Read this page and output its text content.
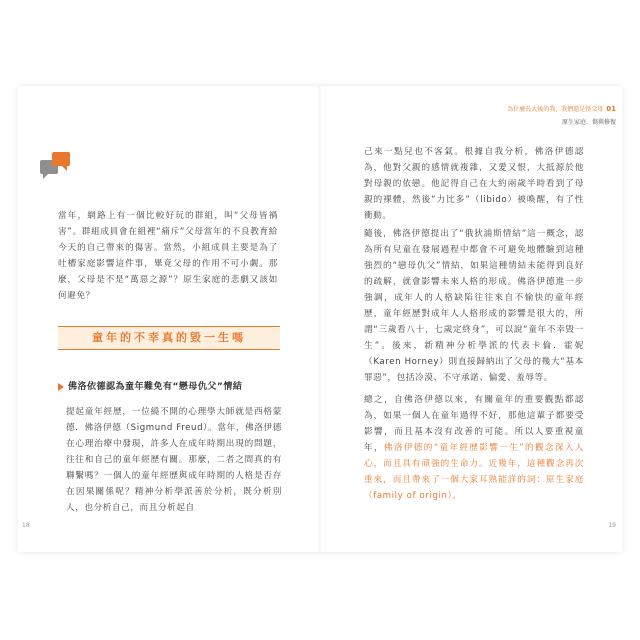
當年，網路上有一個比較好玩的群組，叫“父母皆禍害”。群組成員會在組裡“痛斥”父母當年的不良教育給今天的自己帶來的傷害。當然，小組成員主要是為了吐槽家庭影響這件事，畢竟父母的作用不可小觑。那麼，父母是不是“萬惡之源”？原生家庭的悲劇又該如何避免？
童年的不幸真的毀一生嗎
佛洛依德認為童年難免有“戀母仇父”情結
提起童年經歷，一位繞不開的心理學大師就是西格蒙德．佛洛伊德（Sigmund Freud）。當年，佛洛伊德在心理治療中發現，許多人在成年時期出現的問題，往往和自己的童年經歷有關。那麼，二者之間真的有聯繫嗎？一個人的童年經歷與成年時期的人格是否存在因果關係呢？精神分析學派善於分析，既分析別人，也分析自己，而且分析起自
18
為什麼長大後的我，我們還是怪父母 01
原生家庭．傷與修復
己來一點兒也不客氣。根據自我分析，佛洛伊德認為，他對父親的感情就複雜，又愛又恨，大抵源於他對母親的依戀。他記得自己在大約兩歲半時看到了母親的裸體，然後“力比多”（libido）被喚醒，有了性衝動。
隨後，佛洛伊德提出了“俄狄浦斯情結”這一概念，認為所有兒童在發展過程中都會不可避免地體驗到這種強烈的“戀母仇父”情結，如果這種情結未能得到良好的疏解，就會影響未來人格的形成。佛洛伊德進一步強調，成年人的人格缺陷往往來自不愉快的童年經歷，童年經歷對成年人人格形成的影響是很大的，所謂“三歲看八十，七歲定終身”，可以說“童年不幸毀一生”。後來，新精神分析學派的代表卡倫．霍妮（Karen Horney）則直接歸納出了父母的幾大“基本罪惡”，包括冷漠、不守承諾、偏愛、羞辱等。
總之，自佛洛伊德以來，有關童年的重要觀點都認為，如果一個人在童年過得不好，那他這輩子都要受影響，而且基本沒有改善的可能。所以人要重視童年，佛洛伊德的“童年經歷影響一生”的觀念深入人心，而且具有頑強的生命力。近幾年，這種觀念再次重來，而且帶來了一個大家耳熟能詳的詞：原生家庭（family of origin）。
19
